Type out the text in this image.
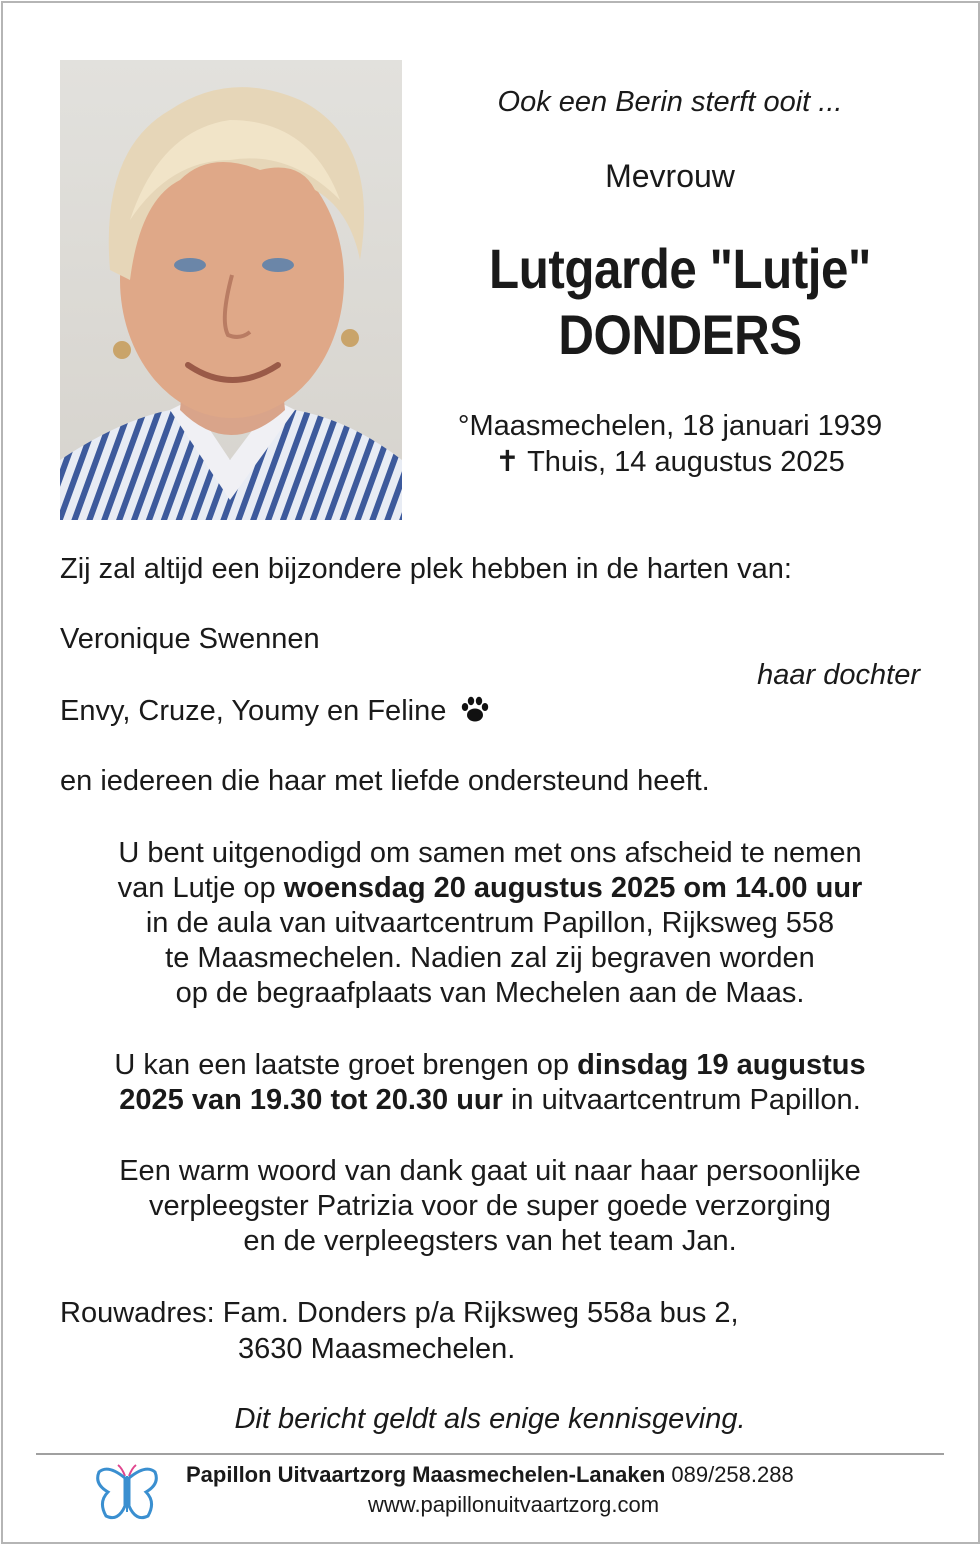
Ook een Berin sterft ooit ...
Mevrouw
Lutgarde "Lutje"
DONDERS
°Maasmechelen, 18 januari 1939
✝ Thuis, 14 augustus 2025
Zij zal altijd een bijzondere plek hebben in de harten van:
Veronique Swennen
haar dochter
Envy, Cruze, Youmy en Feline
en iedereen die haar met liefde ondersteund heeft.
U bent uitgenodigd om samen met ons afscheid te nemen
van Lutje op woensdag 20 augustus 2025 om 14.00 uur
in de aula van uitvaartcentrum Papillon, Rijksweg 558
te Maasmechelen. Nadien zal zij begraven worden
op de begraafplaats van Mechelen aan de Maas.
U kan een laatste groet brengen op dinsdag 19 augustus
2025 van 19.30 tot 20.30 uur in uitvaartcentrum Papillon.
Een warm woord van dank gaat uit naar haar persoonlijke
verpleegster Patrizia voor de super goede verzorging
en de verpleegsters van het team Jan.
Rouwadres: Fam. Donders p/a Rijksweg 558a bus 2,
3630 Maasmechelen.
Dit bericht geldt als enige kennisgeving.
Papillon Uitvaartzorg Maasmechelen-Lanaken 089/258.288
www.papillonuitvaartzorg.com
